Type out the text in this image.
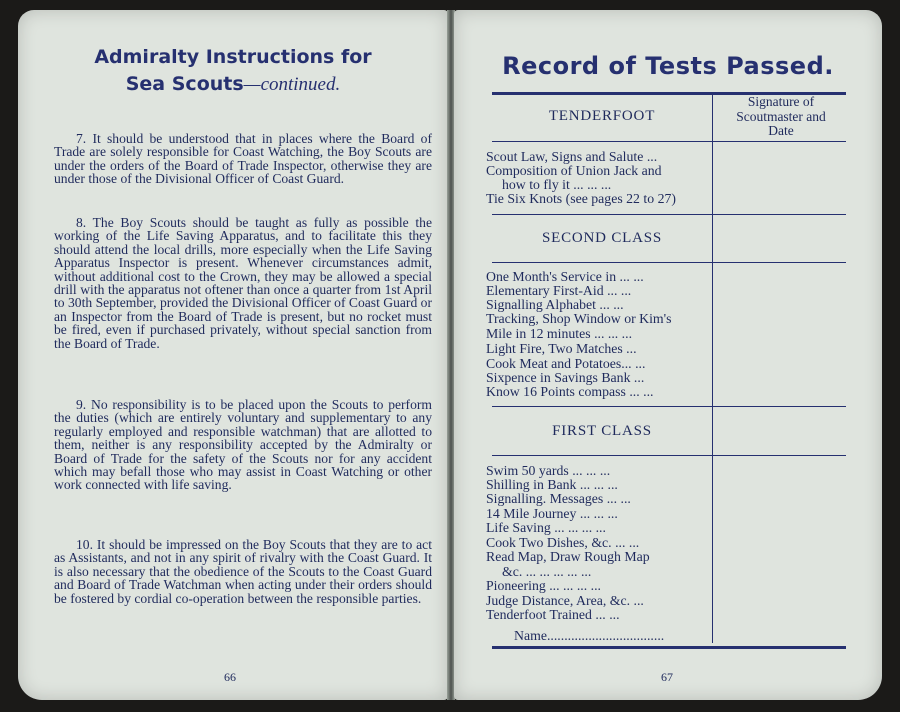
Admiralty Instructions for
Sea Scouts—continued.

7. It should be understood that in places where the Board of Trade are solely responsible for Coast Watching, the Boy Scouts are under the orders of the Board of Trade Inspector, otherwise they are under those of the Divisional Officer of Coast Guard.

8. The Boy Scouts should be taught as fully as possible the working of the Life Saving Apparatus, and to facilitate this they should attend the local drills, more especially when the Life Saving Apparatus Inspector is present. Whenever circumstances admit, without additional cost to the Crown, they may be allowed a special drill with the apparatus not oftener than once a quarter from 1st April to 30th September, provided the Divisional Officer of Coast Guard or an Inspector from the Board of Trade is present, but no rocket must be fired, even if purchased privately, without special sanction from the Board of Trade.

9. No responsibility is to be placed upon the Scouts to perform the duties (which are entirely voluntary and supplementary to any regularly employed and responsible watchman) that are allotted to them, neither is any responsibility accepted by the Admiralty or Board of Trade for the safety of the Scouts nor for any accident which may befall those who may assist in Coast Watching or other work connected with life saving.

10. It should be impressed on the Boy Scouts that they are to act as Assistants, and not in any spirit of rivalry with the Coast Guard. It is also necessary that the obedience of the Scouts to the Coast Guard and Board of Trade Watchman when acting under their orders should be fostered by cordial co-operation between the responsible parties.

66
Record of Tests Passed.
Signature of
Scoutmaster and
Date
TENDERFOOT
Scout Law, Signs and Salute ...
Composition of Union Jack and
how to fly it ... ... ...
Tie Six Knots (see pages 22 to 27)
SECOND CLASS
One Month's Service in ... ...
Elementary First-Aid ... ...
Signalling Alphabet ... ...
Tracking, Shop Window or Kim's
Mile in 12 minutes ... ... ...
Light Fire, Two Matches ...
Cook Meat and Potatoes... ...
Sixpence in Savings Bank ...
Know 16 Points compass ... ...
FIRST CLASS
Swim 50 yards ... ... ...
Shilling in Bank ... ... ...
Signalling. Messages ... ...
14 Mile Journey ... ... ...
Life Saving ... ... ... ...
Cook Two Dishes, &c. ... ...
Read Map, Draw Rough Map
&c. ... ... ... ... ...
Pioneering ... ... ... ...
Judge Distance, Area, &c. ...
Tenderfoot Trained ... ...
Name..................................
67
